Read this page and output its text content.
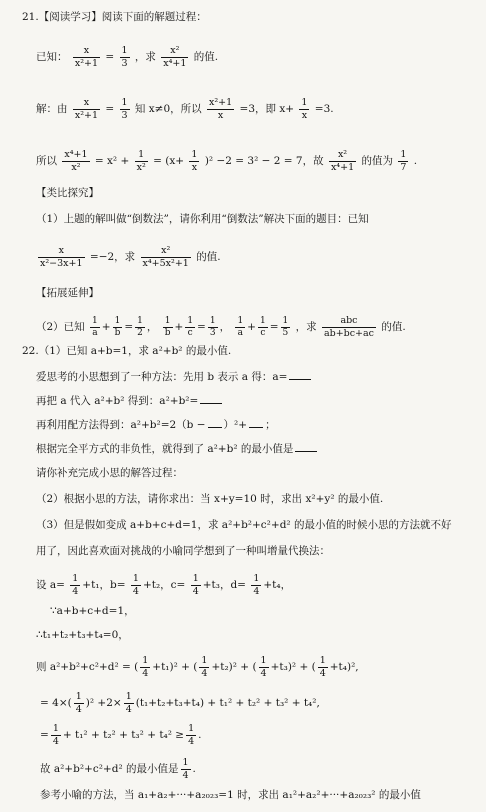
21.【阅读学习】阅读下面的解题过程：
已知： $\frac{x}{\text{x²+1}} = \frac{1}{3}$ ，求 $\frac{\text{x²}}{\text{x⁴+1}}$ 的值.
解：由 $\frac{x}{\text{x²+1}} = \frac{1}{3}$ 知 x≠0，所以 $\frac{\text{x²+1}}{x} =3$，即 $x+ \frac{1}{x} =3$.
所以 $\frac{\text{x⁴+1}}{\text{x²}} = x^2 + \frac{1}{\text{x²}} = (x+ \frac{1}{x} )^2 -2 = 3^2 - 2 = 7$，故 $\frac{\text{x²}}{\text{x⁴+1}}$ 的值为 $\frac{1}{7}$ .
【类比探究】
（1）上题的解叫做“倒数法”，请你利用“倒数法”解决下面的题目：已知
$\frac{x}{\text{x²−3x+1}} =-2$，求 $\frac{\text{x²}}{\text{x⁴+5x²+1}}$ 的值.
【拓展延伸】
（2）已知 $\frac{1}{a} + \frac{1}{b} = \frac{1}{2}$ ， $\frac{1}{b} + \frac{1}{c} = \frac{1}{3}$ ， $\frac{1}{a} + \frac{1}{c} = \frac{1}{5}$ ，求 $\frac{\text{abc}}{ab+bc+ac}$ 的值.
22.（1）已知 a+b=1，求 a²+b² 的最小值.
爱思考的小思想到了一种方法：先用 b 表示 a 得：a=
再把 a 代入 a²+b² 得到：a²+b²=
再利用配方法得到：a²+b²=2（b − ）²+ ；
根据完全平方式的非负性，就得到了 a²+b² 的最小值是
请你补充完成小思的解答过程：
（2）根据小思的方法，请你求出：当 x+y=10 时，求出 x²+y² 的最小值.
（3）但是假如变成 a+b+c+d=1，求 a²+b²+c²+d² 的最小值的时候小思的方法就不好
用了，因此喜欢面对挑战的小喻同学想到了一种叫增量代换法：
设 $a= \frac{1}{4} +t_1$，$b= \frac{1}{4} +t_2$，$c= \frac{1}{4} +t_3$，$d= \frac{1}{4} +t_4$，
∵a+b+c+d=1，
∴t₁+t₂+t₃+t₄=0，
则 a²+b²+c²+d² = ( $\frac{1}{4} +t_1)^2$ + ( $\frac{1}{4} +t_2)^2$ + ( $\frac{1}{4} +t_3)^2$ + ( $\frac{1}{4} +t_4)^2$,
= $4\times( \frac{1}{4} )^2 +2\times \frac{1}{4} (t_1+t_2+t_3+t_4) + t_1^2 + t_2^2 + t_3^2 + t_4^2$,
= $\frac{1}{4} + t_1^2 + t_2^2 + t_3^2 + t_4^2 \ge \frac{1}{4}$ .
故 a²+b²+c²+d² 的最小值是 $\frac{1}{4}$ .
参考小喻的方法，当 a₁+a₂+···+a₂₀₂₃=1 时，求出 a₁²+a₂²+···+a₂₀₂₃² 的最小值
